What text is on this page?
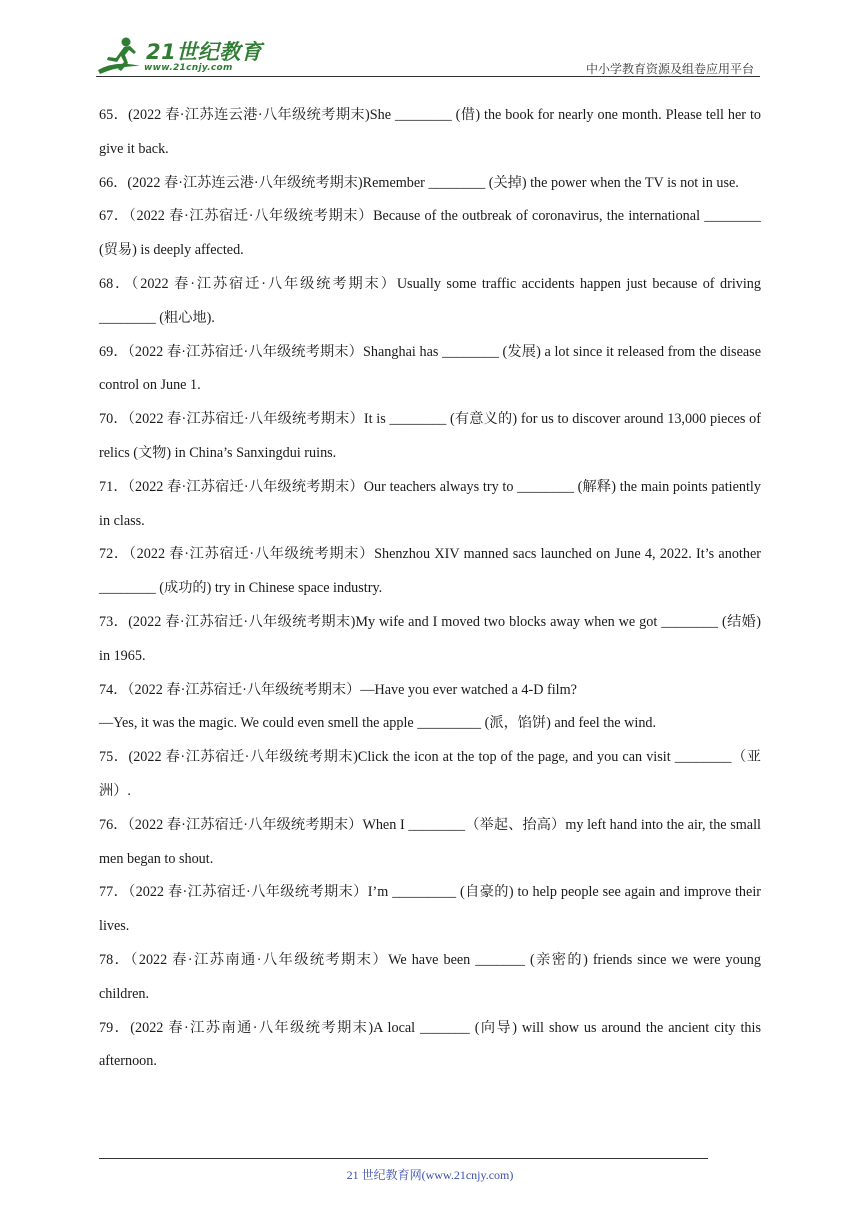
21世纪教育
www.21cnjy.com	中小学教育资源及组卷应用平台

65．(2022 春·江苏连云港·八年级统考期末)She ________ (借) the book for nearly one month. Please tell her to give it back.

66．(2022 春·江苏连云港·八年级统考期末)Remember ________ (关掉) the power when the TV is not in use.

67．（2022 春·江苏宿迁·八年级统考期末）Because of the outbreak of coronavirus, the international ________ (贸易) is deeply affected.

68．（2022 春·江苏宿迁·八年级统考期末）Usually some traffic accidents happen just because of driving ________ (粗心地).

69．（2022 春·江苏宿迁·八年级统考期末）Shanghai has ________ (发展) a lot since it released from the disease control on June 1.

70．（2022 春·江苏宿迁·八年级统考期末）It is ________ (有意义的) for us to discover around 13,000 pieces of relics (文物) in China’s Sanxingdui ruins.

71．（2022 春·江苏宿迁·八年级统考期末）Our teachers always try to ________ (解释) the main points patiently in class.

72．（2022 春·江苏宿迁·八年级统考期末）Shenzhou XIV manned sacs launched on June 4, 2022. It’s another ________ (成功的) try in Chinese space industry.

73．(2022 春·江苏宿迁·八年级统考期末)My wife and I moved two blocks away when we got ________ (结婚) in 1965.

74．（2022 春·江苏宿迁·八年级统考期末）—Have you ever watched a 4-D film?

—Yes, it was the magic. We could even smell the apple _________ (派，馅饼) and feel the wind.

75．(2022 春·江苏宿迁·八年级统考期末)Click the icon at the top of the page, and you can visit ________（亚洲）.

76．（2022 春·江苏宿迁·八年级统考期末）When I ________（举起、抬高）my left hand into the air, the small men began to shout.

77．（2022 春·江苏宿迁·八年级统考期末）I’m _________ (自豪的) to help people see again and improve their lives.

78．（2022 春·江苏南通·八年级统考期末）We have been _______ (亲密的) friends since we were young children.

79．(2022 春·江苏南通·八年级统考期末)A local _______ (向导) will show us around the ancient city this afternoon.

21 世纪教育网(www.21cnjy.com)
